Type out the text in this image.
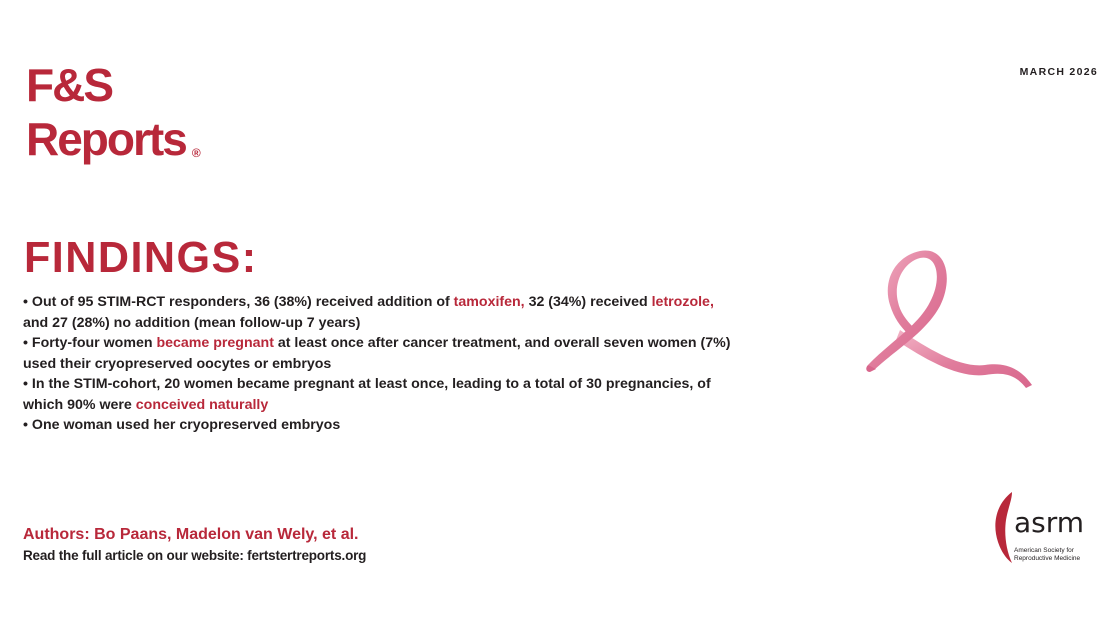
F&S
Reports ®
MARCH 2026
FINDINGS:
• Out of 95 STIM-RCT responders, 36 (38%) received addition of tamoxifen, 32 (34%) received letrozole, and 27 (28%) no addition (mean follow-up 7 years)
• Forty-four women became pregnant at least once after cancer treatment, and overall seven women (7%) used their cryopreserved oocytes or embryos
• In the STIM-cohort, 20 women became pregnant at least once, leading to a total of 30 pregnancies, of which 90% were conceived naturally
• One woman used her cryopreserved embryos
Authors: Bo Paans, Madelon van Wely, et al.
Read the full article on our website: fertstertreports.org
asrm
American Society for Reproductive Medicine
